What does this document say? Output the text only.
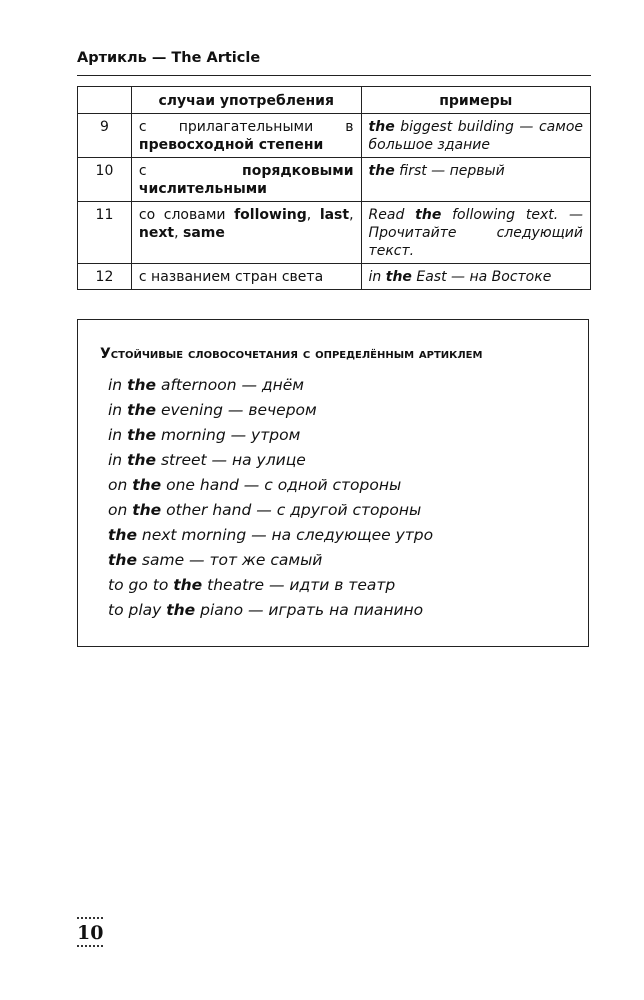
Артикль — The Article
	случаи употребления	примеры
9	с прилагательными в превосходной степени	the biggest building — самое большое здание
10	с порядковыми числительными	the first — первый
11	со словами following, last, next, same	Read the following text. — Прочитайте следующий текст.
12	с названием стран света	in the East — на Востоке
Устойчивые словосочетания с определённым артиклем
in the afternoon — днём
in the evening — вечером
in the morning — утром
in the street — на улице
on the one hand — с одной стороны
on the other hand — с другой стороны
the next morning — на следующее утро
the same — тот же самый
to go to the theatre — идти в театр
to play the piano — играть на пианино
10
